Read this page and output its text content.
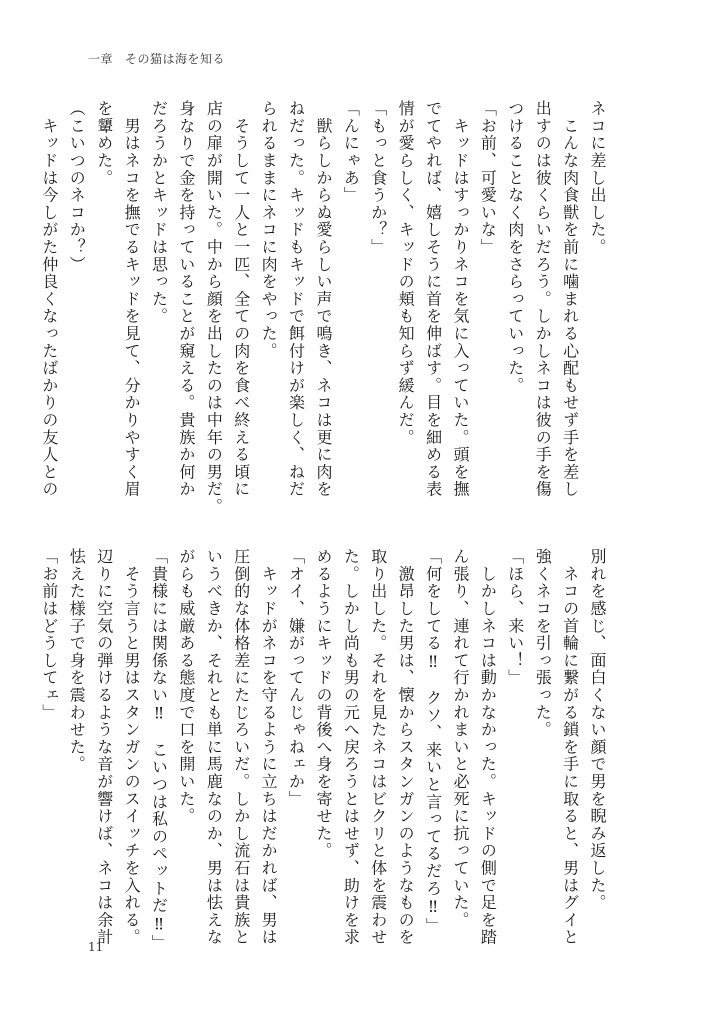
一章 その猫は海を知る
ネコに差し出した。
　こんな肉食獣を前に噛まれる心配もせず手を差し
出すのは彼くらいだろう。しかしネコは彼の手を傷
つけることなく肉をさらっていった。
「お前、可愛いな」
　キッドはすっかりネコを気に入っていた。頭を撫
でてやれば、嬉しそうに首を伸ばす。目を細める表
情が愛らしく、キッドの頬も知らず緩んだ。
「もっと食うか？」
「んにゃあ」
　獣らしからぬ愛らしい声で鳴き、ネコは更に肉を
ねだった。キッドもキッドで餌付けが楽しく、ねだ
られるままにネコに肉をやった。
　そうして一人と一匹、全ての肉を食べ終える頃に
店の扉が開いた。中から顔を出したのは中年の男だ。
身なりで金を持っていることが窺える。貴族か何か
だろうかとキッドは思った。
　男はネコを撫でるキッドを見て、分かりやすく眉
を顰めた。
（こいつのネコか？）
　キッドは今しがた仲良くなったばかりの友人との
別れを感じ、面白くない顔で男を睨み返した。
　ネコの首輪に繋がる鎖を手に取ると、男はグイと
強くネコを引っ張った。
「ほら、来い！」
　しかしネコは動かなかった。キッドの側で足を踏
ん張り、連れて行かれまいと必死に抗っていた。
「何をしてる‼　クソ、来いと言ってるだろ‼」
　激昂した男は、懐からスタンガンのようなものを
取り出した。それを見たネコはビクリと体を震わせ
た。しかし尚も男の元へ戻ろうとはせず、助けを求
めるようにキッドの背後へ身を寄せた。
「オイ、嫌がってんじゃねェか」
　キッドがネコを守るように立ちはだかれば、男は
圧倒的な体格差にたじろいだ。しかし流石は貴族と
いうべきか、それとも単に馬鹿なのか、男は怯えな
がらも威厳ある態度で口を開いた。
「貴様には関係ない‼　こいつは私のペットだ‼」
　そう言うと男はスタンガンのスイッチを入れる。
辺りに空気の弾けるような音が響けば、ネコは余計
怯えた様子で身を震わせた。
「お前はどうしてェ」
11
